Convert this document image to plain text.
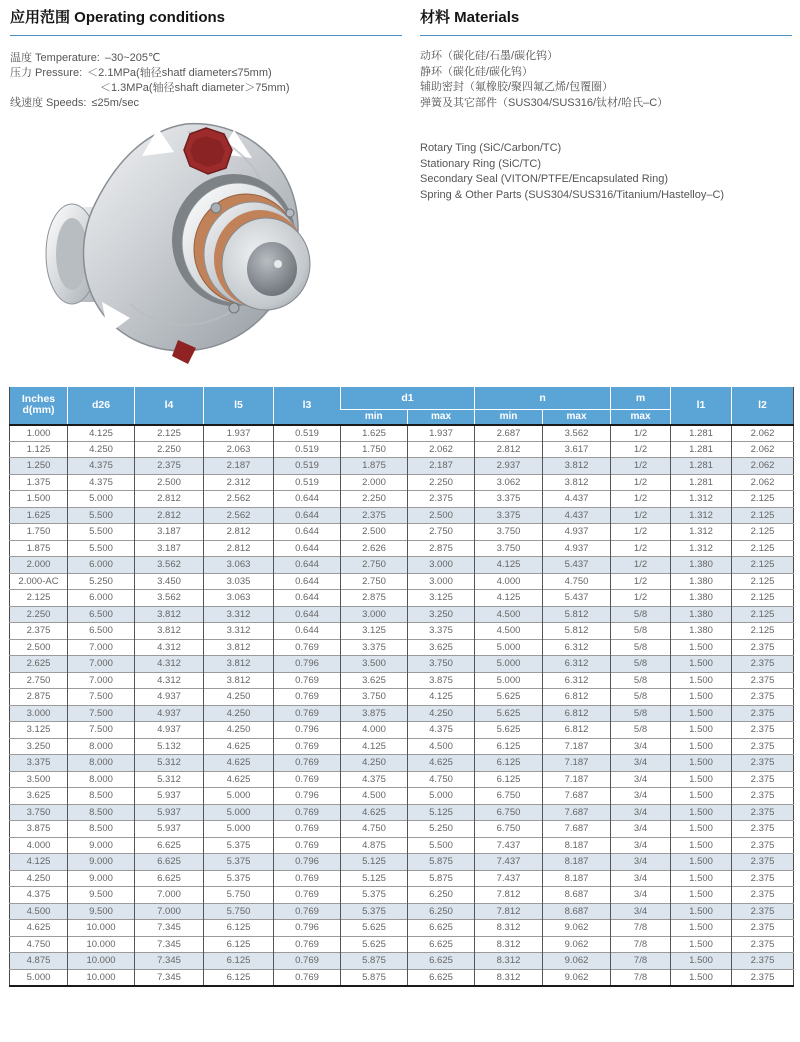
应用范围 Operating conditions
温度 Temperature: –30~205℃
压力 Pressure: ＜2.1MPa(轴径shatf diameter≤75mm)
＜1.3MPa(轴径shaft diameter＞75mm)
线速度 Speeds: ≤25m/sec
材料 Materials
动环（碳化硅/石墨/碳化钨）
静环（碳化硅/碳化钨）
辅助密封（氟橡胶/聚四氟乙烯/包覆圈）
弹簧及其它部件（SUS304/SUS316/钛材/哈氏–C）
Rotary Ting (SiC/Carbon/TC)
Stationary Ring (SiC/TC)
Secondary Seal (VITON/PTFE/Encapsulated Ring)
Spring & Other Parts (SUS304/SUS316/Titanium/Hastelloy–C)
Inches
d(mm)	d26	l4	l5	l3	d1		n		m	l1	l2
					min	max	min	max	max		
1.000	4.125	2.125	1.937	0.519	1.625	1.937	2.687	3.562	1/2	1.281	2.062
1.125	4.250	2.250	2.063	0.519	1.750	2.062	2.812	3.617	1/2	1.281	2.062
1.250	4.375	2.375	2.187	0.519	1.875	2.187	2.937	3.812	1/2	1.281	2.062
1.375	4.375	2.500	2.312	0.519	2.000	2.250	3.062	3.812	1/2	1.281	2.062
1.500	5.000	2.812	2.562	0.644	2.250	2.375	3.375	4.437	1/2	1.312	2.125
1.625	5.500	2.812	2.562	0.644	2.375	2.500	3.375	4.437	1/2	1.312	2.125
1.750	5.500	3.187	2.812	0.644	2.500	2.750	3.750	4.937	1/2	1.312	2.125
1.875	5.500	3.187	2.812	0.644	2.626	2.875	3.750	4.937	1/2	1.312	2.125
2.000	6.000	3.562	3.063	0.644	2.750	3.000	4.125	5.437	1/2	1.380	2.125
2.000-AC	5.250	3.450	3.035	0.644	2.750	3.000	4.000	4.750	1/2	1.380	2.125
2.125	6.000	3.562	3.063	0.644	2.875	3.125	4.125	5.437	1/2	1.380	2.125
2.250	6.500	3.812	3.312	0.644	3.000	3.250	4.500	5.812	5/8	1.380	2.125
2.375	6.500	3.812	3.312	0.644	3.125	3.375	4.500	5.812	5/8	1.380	2.125
2.500	7.000	4.312	3.812	0.769	3.375	3.625	5.000	6.312	5/8	1.500	2.375
2.625	7.000	4.312	3.812	0.796	3.500	3.750	5.000	6.312	5/8	1.500	2.375
2.750	7.000	4.312	3.812	0.769	3.625	3.875	5.000	6.312	5/8	1.500	2.375
2.875	7.500	4.937	4.250	0.769	3.750	4.125	5.625	6.812	5/8	1.500	2.375
3.000	7.500	4.937	4.250	0.769	3.875	4.250	5.625	6.812	5/8	1.500	2.375
3.125	7.500	4.937	4.250	0.796	4.000	4.375	5.625	6.812	5/8	1.500	2.375
3.250	8.000	5.132	4.625	0.769	4.125	4.500	6.125	7.187	3/4	1.500	2.375
3.375	8.000	5.312	4.625	0.769	4.250	4.625	6.125	7.187	3/4	1.500	2.375
3.500	8.000	5.312	4.625	0.769	4.375	4.750	6.125	7.187	3/4	1.500	2.375
3.625	8.500	5.937	5.000	0.796	4.500	5.000	6.750	7.687	3/4	1.500	2.375
3.750	8.500	5.937	5.000	0.769	4.625	5.125	6.750	7.687	3/4	1.500	2.375
3.875	8.500	5.937	5.000	0.769	4.750	5.250	6.750	7.687	3/4	1.500	2.375
4.000	9.000	6.625	5.375	0.769	4.875	5.500	7.437	8.187	3/4	1.500	2.375
4.125	9.000	6.625	5.375	0.796	5.125	5.875	7.437	8.187	3/4	1.500	2.375
4.250	9.000	6.625	5.375	0.769	5.125	5.875	7.437	8.187	3/4	1.500	2.375
4.375	9.500	7.000	5.750	0.769	5.375	6.250	7.812	8.687	3/4	1.500	2.375
4.500	9.500	7.000	5.750	0.769	5.375	6.250	7.812	8.687	3/4	1.500	2.375
4.625	10.000	7.345	6.125	0.796	5.625	6.625	8.312	9.062	7/8	1.500	2.375
4.750	10.000	7.345	6.125	0.769	5.625	6.625	8.312	9.062	7/8	1.500	2.375
4.875	10.000	7.345	6.125	0.769	5.875	6.625	8.312	9.062	7/8	1.500	2.375
5.000	10.000	7.345	6.125	0.769	5.875	6.625	8.312	9.062	7/8	1.500	2.375
